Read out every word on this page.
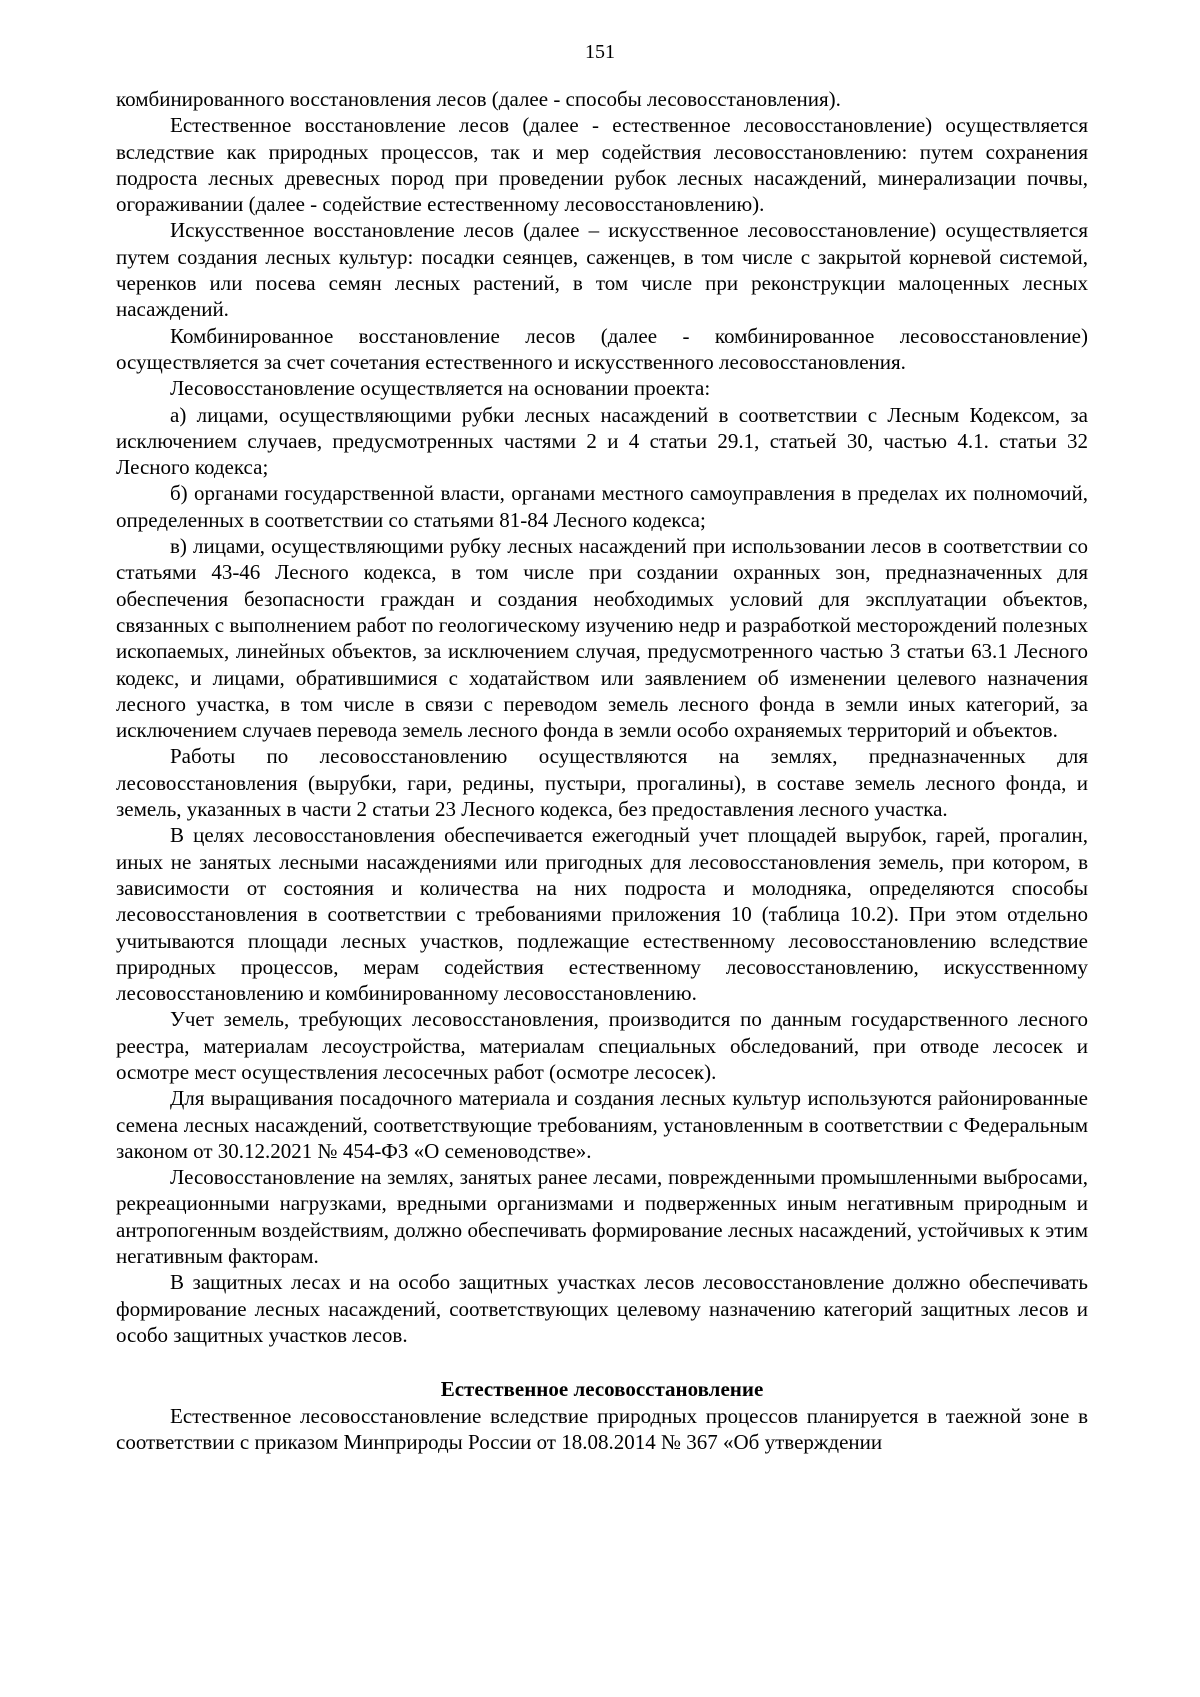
151

комбинированного восстановления лесов (далее - способы лесовосстановления).

Естественное восстановление лесов (далее - естественное лесовосстановление) осуществляется вследствие как природных процессов, так и мер содействия лесовосстановлению: путем сохранения подроста лесных древесных пород при проведении рубок лесных насаждений, минерализации почвы, огораживании (далее - содействие естественному лесовосстановлению).

Искусственное восстановление лесов (далее – искусственное лесовосстановление) осуществляется путем создания лесных культур: посадки сеянцев, саженцев, в том числе с закрытой корневой системой, черенков или посева семян лесных растений, в том числе при реконструкции малоценных лесных насаждений.

Комбинированное восстановление лесов (далее - комбинированное лесовосстановление) осуществляется за счет сочетания естественного и искусственного лесовосстановления.

Лесовосстановление осуществляется на основании проекта:

а) лицами, осуществляющими рубки лесных насаждений в соответствии с Лесным Кодексом, за исключением случаев, предусмотренных частями 2 и 4 статьи 29.1, статьей 30, частью 4.1. статьи 32 Лесного кодекса;

б) органами государственной власти, органами местного самоуправления в пределах их полномочий, определенных в соответствии со статьями 81-84 Лесного кодекса;

в) лицами, осуществляющими рубку лесных насаждений при использовании лесов в соответствии со статьями 43-46 Лесного кодекса, в том числе при создании охранных зон, предназначенных для обеспечения безопасности граждан и создания необходимых условий для эксплуатации объектов, связанных с выполнением работ по геологическому изучению недр и разработкой месторождений полезных ископаемых, линейных объектов, за исключением случая, предусмотренного частью 3 статьи 63.1 Лесного кодекс, и лицами, обратившимися с ходатайством или заявлением об изменении целевого назначения лесного участка, в том числе в связи с переводом земель лесного фонда в земли иных категорий, за исключением случаев перевода земель лесного фонда в земли особо охраняемых территорий и объектов.

Работы по лесовосстановлению осуществляются на землях, предназначенных для лесовосстановления (вырубки, гари, редины, пустыри, прогалины), в составе земель лесного фонда, и земель, указанных в части 2 статьи 23 Лесного кодекса, без предоставления лесного участка.

В целях лесовосстановления обеспечивается ежегодный учет площадей вырубок, гарей, прогалин, иных не занятых лесными насаждениями или пригодных для лесовосстановления земель, при котором, в зависимости от состояния и количества на них подроста и молодняка, определяются способы лесовосстановления в соответствии с требованиями приложения 10 (таблица 10.2). При этом отдельно учитываются площади лесных участков, подлежащие естественному лесовосстановлению вследствие природных процессов, мерам содействия естественному лесовосстановлению, искусственному лесовосстановлению и комбинированному лесовосстановлению.

Учет земель, требующих лесовосстановления, производится по данным государственного лесного реестра, материалам лесоустройства, материалам специальных обследований, при отводе лесосек и осмотре мест осуществления лесосечных работ (осмотре лесосек).

Для выращивания посадочного материала и создания лесных культур используются районированные семена лесных насаждений, соответствующие требованиям, установленным в соответствии с Федеральным законом от 30.12.2021 № 454-ФЗ «О семеноводстве».

Лесовосстановление на землях, занятых ранее лесами, поврежденными промышленными выбросами, рекреационными нагрузками, вредными организмами и подверженных иным негативным природным и антропогенным воздействиям, должно обеспечивать формирование лесных насаждений, устойчивых к этим негативным факторам.

В защитных лесах и на особо защитных участках лесов лесовосстановление должно обеспечивать формирование лесных насаждений, соответствующих целевому назначению категорий защитных лесов и особо защитных участков лесов.

Естественное лесовосстановление

Естественное лесовосстановление вследствие природных процессов планируется в таежной зоне в соответствии с приказом Минприроды России от 18.08.2014 № 367 «Об утверждении
